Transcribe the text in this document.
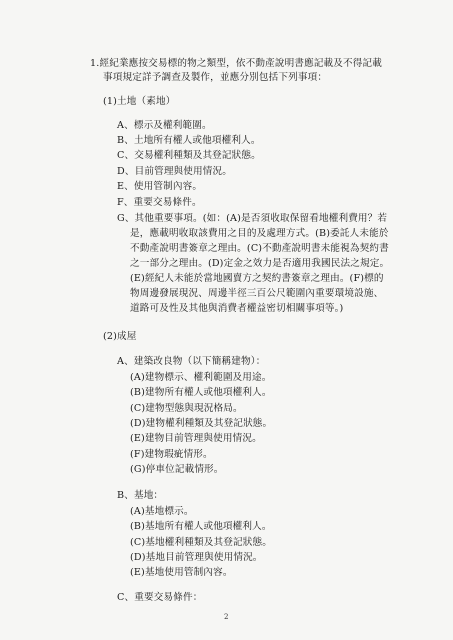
1.經紀業應按交易標的物之類型，依不動產說明書應記載及不得記載
事項規定詳予調查及製作，並應分別包括下列事項：
(1)土地（素地）
A、標示及權利範圍。
B、土地所有權人或他項權利人。
C、交易權利種類及其登記狀態。
D、目前管理與使用情況。
E、使用管制內容。
F、重要交易條件。
G、其他重要事項。(如：(A)是否須收取保留看地權利費用？若
是，應載明收取該費用之目的及處理方式。(B)委託人未能於
不動產說明書簽章之理由。(C)不動產說明書未能視為契約書
之一部分之理由。(D)定金之效力是否適用我國民法之規定。
(E)經紀人未能於當地國賣方之契約書簽章之理由。(F)標的
物周邊發展現況、周邊半徑三百公尺範圍內重要環境設施、
道路可及性及其他與消費者權益密切相關事項等。)
(2)成屋
A、建築改良物（以下簡稱建物）：
(A)建物標示、權利範圍及用途。
(B)建物所有權人或他項權利人。
(C)建物型態與現況格局。
(D)建物權利種類及其登記狀態。
(E)建物目前管理與使用情況。
(F)建物瑕疵情形。
(G)停車位記載情形。
B、基地：
(A)基地標示。
(B)基地所有權人或他項權利人。
(C)基地權利種類及其登記狀態。
(D)基地目前管理與使用情況。
(E)基地使用管制內容。
C、重要交易條件：
2
